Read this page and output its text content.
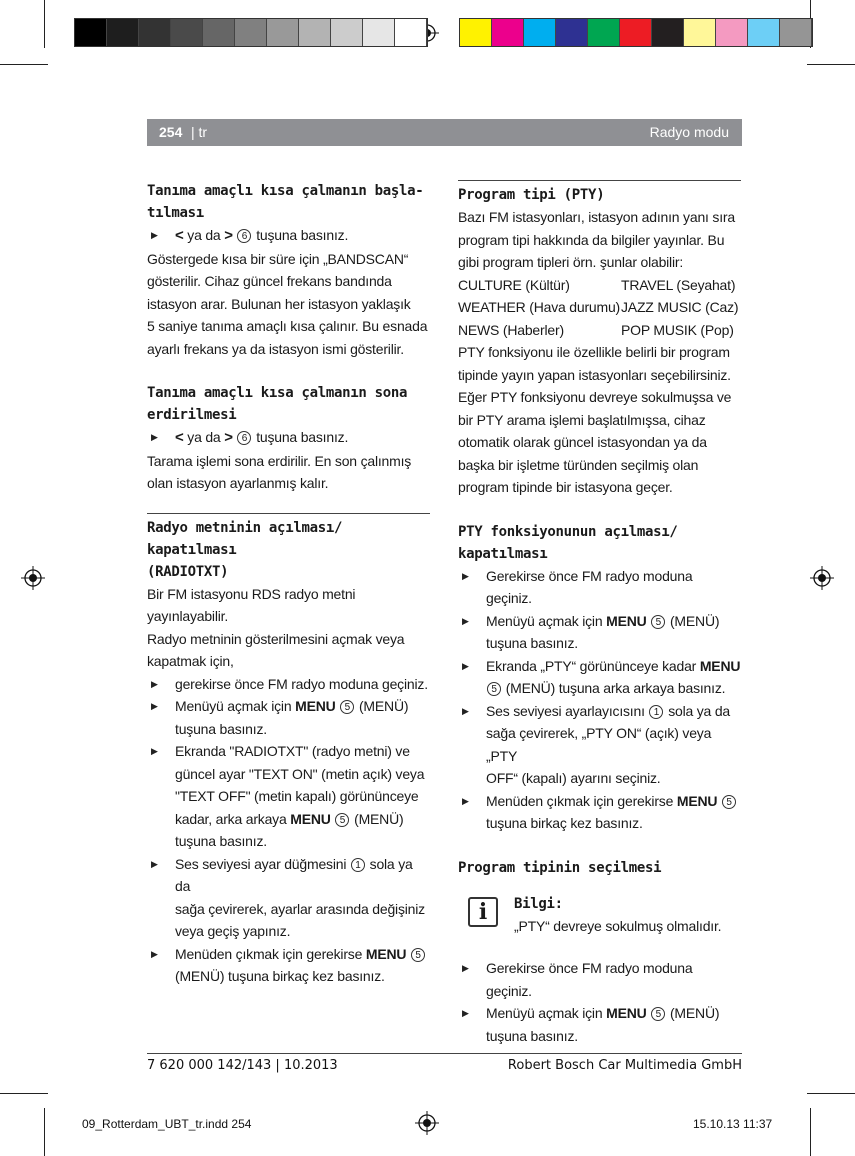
254 | tr	Radyo modu
Tanıma amaçlı kısa çalmanın başla-
tılması
▶ < ya da > 6 tuşuna basınız.

Göstergede kısa bir süre için „BANDSCAN“

gösterilir. Cihaz güncel frekans bandında

istasyon arar. Bulunan her istasyon yaklaşık

5 saniye tanıma amaçlı kısa çalınır. Bu esnada

ayarlı frekans ya da istasyon ismi gösterilir.

Tanıma amaçlı kısa çalmanın sona
erdirilmesi
▶ < ya da > 6 tuşuna basınız.

Tarama işlemi sona erdirilir. En son çalınmış

olan istasyon ayarlanmış kalır.

Radyo metninin açılması/
kapatılması
(RADIOTXT)

Bir FM istasyonu RDS radyo metni

yayınlayabilir.

Radyo metninin gösterilmesini açmak veya

kapatmak için,

▶ gerekirse önce FM radyo moduna geçiniz.
▶ Menüyü açmak için MENU 5 (MENÜ)
tuşuna basınız.
▶ Ekranda "RADIOTXT" (radyo metni) ve
güncel ayar "TEXT ON" (metin açık) veya
"TEXT OFF" (metin kapalı) görününceye
kadar, arka arkaya MENU 5 (MENÜ)
tuşuna basınız.
▶ Ses seviyesi ayar düğmesini 1 sola ya da
sağa çevirerek, ayarlar arasında değişiniz
veya geçiş yapınız.
▶ Menüden çıkmak için gerekirse MENU 5
(MENÜ) tuşuna birkaç kez basınız.
Program tipi (PTY)

Bazı FM istasyonları, istasyon adının yanı sıra

program tipi hakkında da bilgiler yayınlar. Bu

gibi program tipleri örn. şunlar olabilir:

CULTURE (Kültür)	TRAVEL (Seyahat)
WEATHER (Hava durumu) JAZZ MUSIC (Caz)
NEWS (Haberler)	POP MUSIK (Pop)

PTY fonksiyonu ile özellikle belirli bir program

tipinde yayın yapan istasyonları seçebilirsiniz.

Eğer PTY fonksiyonu devreye sokulmuşsa ve

bir PTY arama işlemi başlatılmışsa, cihaz

otomatik olarak güncel istasyondan ya da

başka bir işletme türünden seçilmiş olan

program tipinde bir istasyona geçer.

PTY fonksiyonunun açılması/
kapatılması
▶ Gerekirse önce FM radyo moduna geçiniz.
▶ Menüyü açmak için MENU 5 (MENÜ)
tuşuna basınız.
▶ Ekranda „PTY“ görününceye kadar MENU
5 (MENÜ) tuşuna arka arkaya basınız.
▶ Ses seviyesi ayarlayıcısını 1 sola ya da
sağa çevirerek, „PTY ON“ (açık) veya „PTY
OFF“ (kapalı) ayarını seçiniz.
▶ Menüden çıkmak için gerekirse MENU 5
tuşuna birkaç kez basınız.
Program tipinin seçilmesi
i	Bilgi:
„PTY“ devreye sokulmuş olmalıdır.
▶ Gerekirse önce FM radyo moduna geçiniz.
▶ Menüyü açmak için MENU 5 (MENÜ)
tuşuna basınız.
7 620 000 142/143 | 10.2013	Robert Bosch Car Multimedia GmbH
09_Rotterdam_UBT_tr.indd 254	15.10.13 11:37
